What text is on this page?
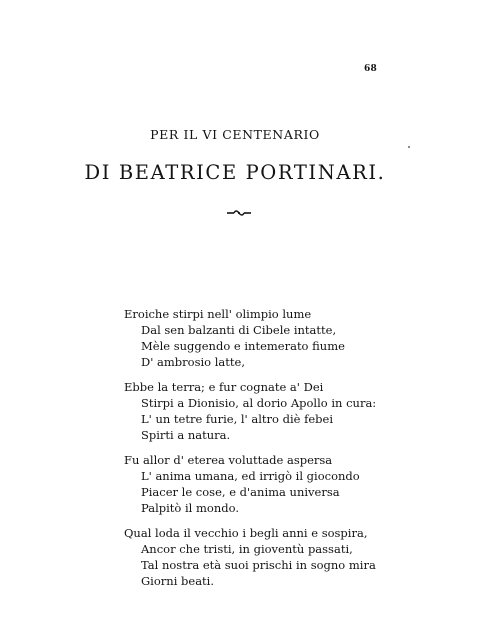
68
PER IL VI CENTENARIO
DI BEATRICE PORTINARI.
Eroiche stirpi nell' olimpio lume
Dal sen balzanti di Cibele intatte,
Mèle suggendo e intemerato fiume
D' ambrosio latte,
Ebbe la terra; e fur cognate a' Dei
Stirpi a Dionisio, al dorio Apollo in cura:
L' un tetre furie, l' altro diè febei
Spirti a natura.
Fu allor d' eterea voluttade aspersa
L' anima umana, ed irrigò il giocondo
Piacer le cose, e d'anima universa
Palpitò il mondo.
Qual loda il vecchio i begli anni e sospira,
Ancor che tristi, in gioventù passati,
Tal nostra età suoi prischi in sogno mira
Giorni beati.
